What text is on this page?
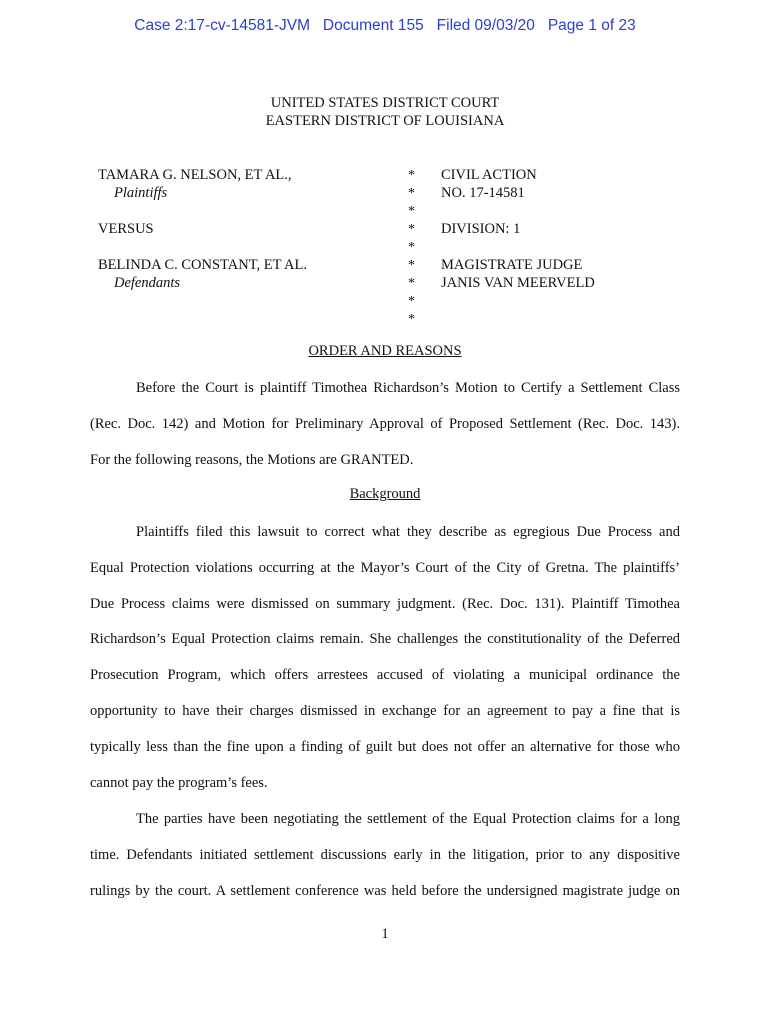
Case 2:17-cv-14581-JVM Document 155 Filed 09/03/20 Page 1 of 23
UNITED STATES DISTRICT COURT
EASTERN DISTRICT OF LOUISIANA
TAMARA G. NELSON, ET AL.,
Plaintiffs
VERSUS
BELINDA C. CONSTANT, ET AL.
Defendants
*
*
*
*
*
*
*
*
*
CIVIL ACTION
NO. 17-14581
DIVISION: 1
MAGISTRATE JUDGE
JANIS VAN MEERVELD
ORDER AND REASONS
Before the Court is plaintiff Timothea Richardson’s Motion to Certify a Settlement Class
(Rec. Doc. 142) and Motion for Preliminary Approval of Proposed Settlement (Rec. Doc. 143).
For the following reasons, the Motions are GRANTED.
Background
Plaintiffs filed this lawsuit to correct what they describe as egregious Due Process and
Equal Protection violations occurring at the Mayor’s Court of the City of Gretna. The plaintiffs’
Due Process claims were dismissed on summary judgment. (Rec. Doc. 131). Plaintiff Timothea
Richardson’s Equal Protection claims remain. She challenges the constitutionality of the Deferred
Prosecution Program, which offers arrestees accused of violating a municipal ordinance the
opportunity to have their charges dismissed in exchange for an agreement to pay a fine that is
typically less than the fine upon a finding of guilt but does not offer an alternative for those who
cannot pay the program’s fees.
The parties have been negotiating the settlement of the Equal Protection claims for a long
time. Defendants initiated settlement discussions early in the litigation, prior to any dispositive
rulings by the court. A settlement conference was held before the undersigned magistrate judge on
1
